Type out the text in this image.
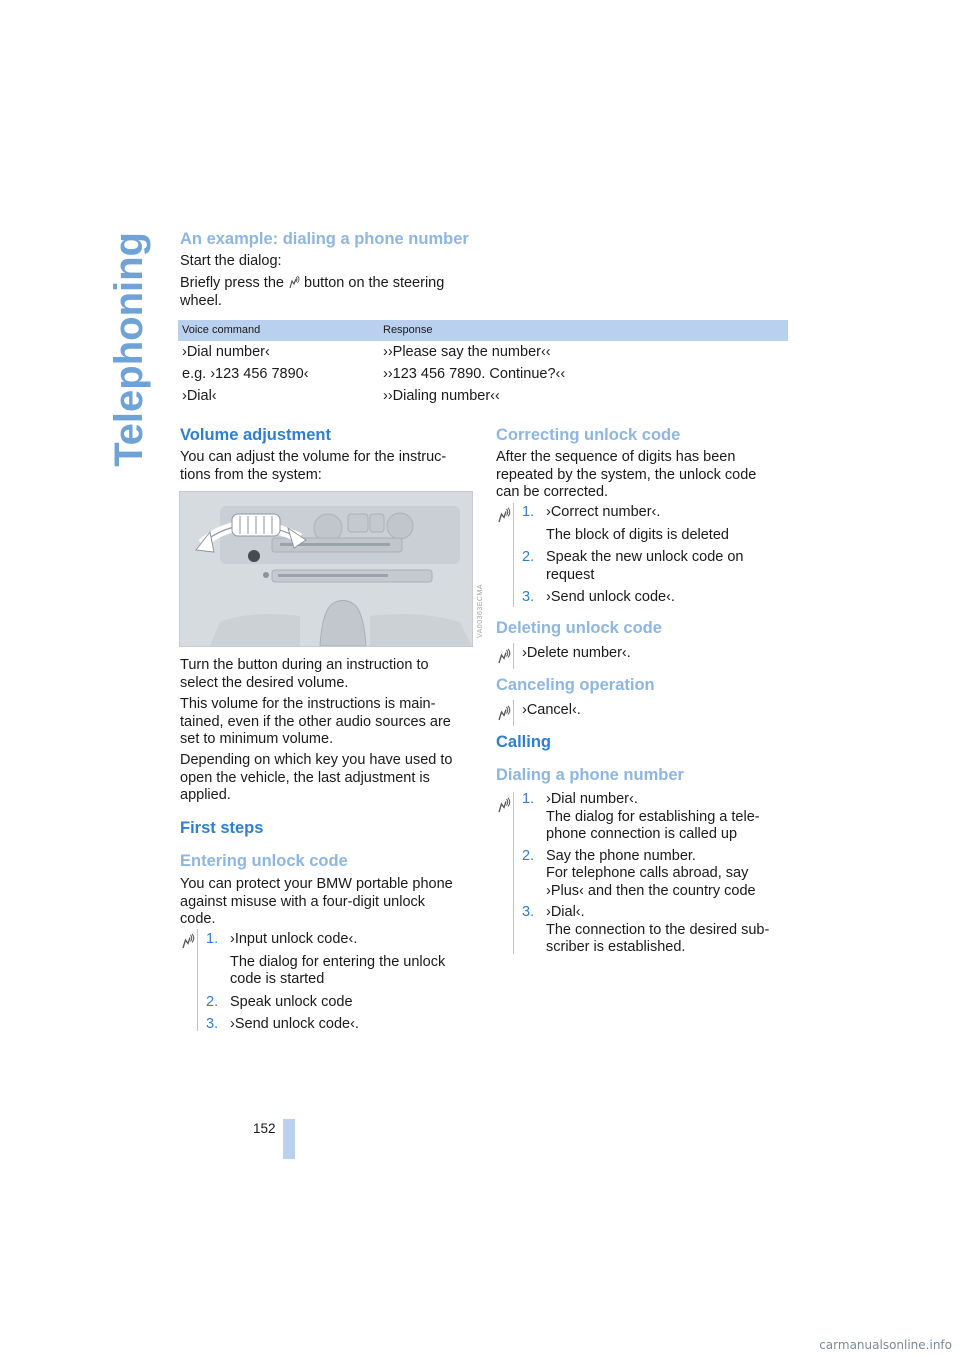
Telephoning An example: dialing a phone number

Start the dialog:

Briefly press the button on the steering
wheel.
Voice command	Response
›Dial number‹	››Please say the number‹‹
e.g. ›123 456 7890‹	››123 456 7890. Continue?‹‹
›Dial‹	››Dialing number‹‹
Volume adjustment

You can adjust the volume for the instruc-
tions from the system:

VA00363ECMA

Turn the button during an instruction to
select the desired volume.

This volume for the instructions is main-
tained, even if the other audio sources are
set to minimum volume.

Depending on which key you have used to
open the vehicle, the last adjustment is
applied.

First steps
Entering unlock code

You can protect your BMW portable phone
against misuse with a four-digit unlock
code.

1. ›Input unlock code‹.
The dialog for entering the unlock
code is started
2. Speak unlock code
3. ›Send unlock code‹.
Correcting unlock code

After the sequence of digits has been
repeated by the system, the unlock code
can be corrected.

1. ›Correct number‹.
The block of digits is deleted
2. Speak the new unlock code on
request
3. ›Send unlock code‹.
Deleting unlock code

›Delete number‹.

Canceling operation

›Cancel‹.

Calling
Dialing a phone number
1. ›Dial number‹.
The dialog for establishing a tele-
phone connection is called up
2. Say the phone number.
For telephone calls abroad, say
›Plus‹ and then the country code
3. ›Dial‹.
The connection to the desired sub-
scriber is established.
152
carmanualsonline.info
